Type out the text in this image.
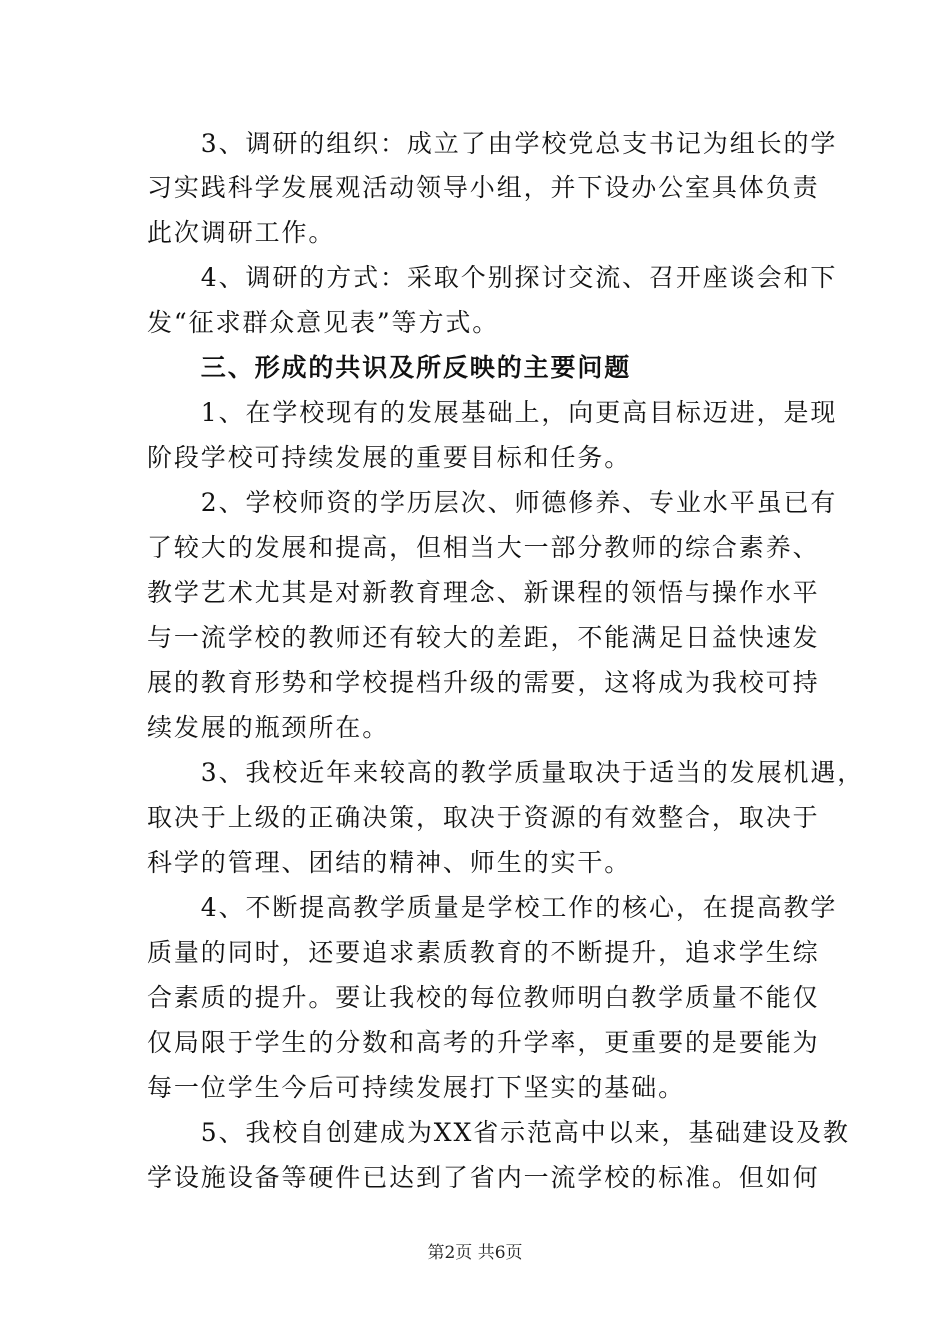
　　3、调研的组织：成立了由学校党总支书记为组长的学
习实践科学发展观活动领导小组，并下设办公室具体负责
此次调研工作。
　　4、调研的方式：采取个别探讨交流、召开座谈会和下
发“征求群众意见表”等方式。
　　三、形成的共识及所反映的主要问题
　　1、在学校现有的发展基础上，向更高目标迈进，是现
阶段学校可持续发展的重要目标和任务。
　　2、学校师资的学历层次、师德修养、专业水平虽已有
了较大的发展和提高，但相当大一部分教师的综合素养、
教学艺术尤其是对新教育理念、新课程的领悟与操作水平
与一流学校的教师还有较大的差距，不能满足日益快速发
展的教育形势和学校提档升级的需要，这将成为我校可持
续发展的瓶颈所在。
　　3、我校近年来较高的教学质量取决于适当的发展机遇，
取决于上级的正确决策，取决于资源的有效整合，取决于
科学的管理、团结的精神、师生的实干。
　　4、不断提高教学质量是学校工作的核心，在提高教学
质量的同时，还要追求素质教育的不断提升，追求学生综
合素质的提升。要让我校的每位教师明白教学质量不能仅
仅局限于学生的分数和高考的升学率，更重要的是要能为
每一位学生今后可持续发展打下坚实的基础。
　　5、我校自创建成为XX省示范高中以来，基础建设及教
学设施设备等硬件已达到了省内一流学校的标准。但如何
第2页 共6页
